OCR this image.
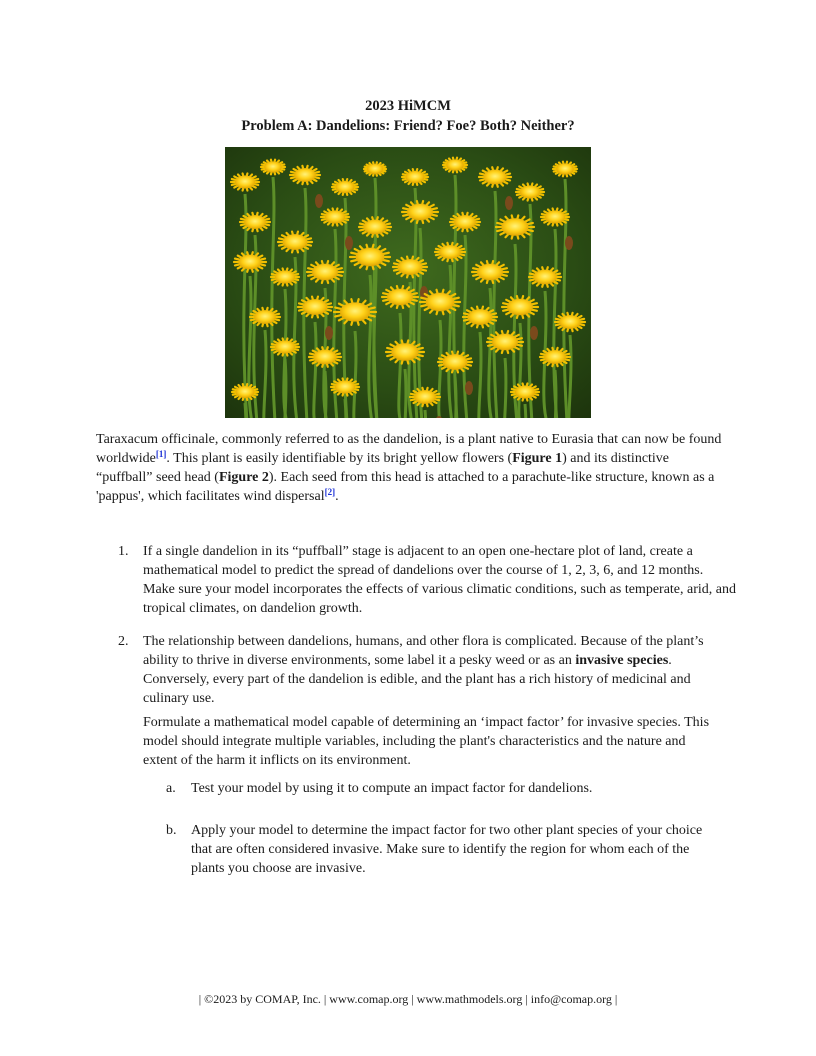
2023 HiMCM
Problem A: Dandelions: Friend? Foe? Both? Neither?

Taraxacum officinale, commonly referred to as the dandelion, is a plant native to Eurasia that can now be found worldwide[1]. This plant is easily identifiable by its bright yellow flowers (Figure 1) and its distinctive “puffball” seed head (Figure 2). Each seed from this head is attached to a parachute-like structure, known as a 'pappus', which facilitates wind dispersal[2].

1. If a single dandelion in its “puffball” stage is adjacent to an open one-hectare plot of land, create a mathematical model to predict the spread of dandelions over the course of 1, 2, 3, 6, and 12 months. Make sure your model incorporates the effects of various climatic conditions, such as temperate, arid, and tropical climates, on dandelion growth.

2. The relationship between dandelions, humans, and other flora is complicated. Because of the plant’s ability to thrive in diverse environments, some label it a pesky weed or as an invasive species. Conversely, every part of the dandelion is edible, and the plant has a rich history of medicinal and culinary use.

Formulate a mathematical model capable of determining an ‘impact factor’ for invasive species. This model should integrate multiple variables, including the plant's characteristics and the nature and extent of the harm it inflicts on its environment.

a. Test your model by using it to compute an impact factor for dandelions.
b. Apply your model to determine the impact factor for two other plant species of your choice that are often considered invasive. Make sure to identify the region for whom each of the plants you choose are invasive.
| ©2023 by COMAP, Inc. | www.comap.org | www.mathmodels.org | info@comap.org |
